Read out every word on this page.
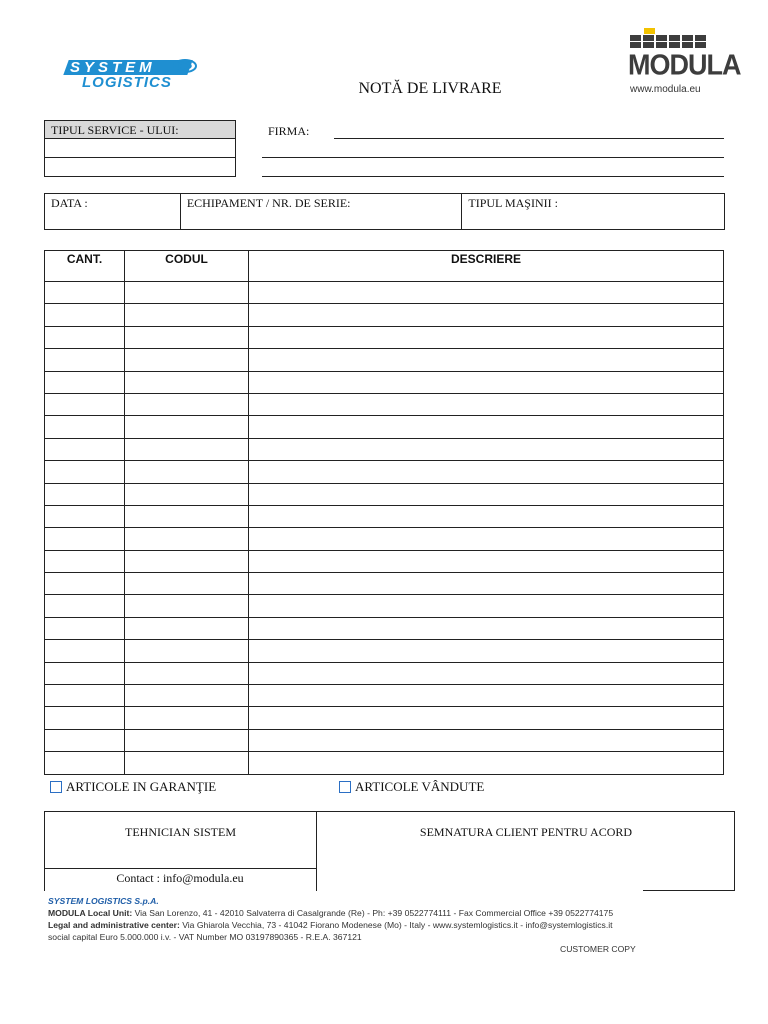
SYSTEM
LOGISTICS
MODULA
www.modula.eu
NOTĂ DE LIVRARE
TIPUL SERVICE - ULUI:	FIRMA:
DATA :	ECHIPAMENT / NR. DE SERIE:	TIPUL MAŞINII :
CANT.	CODUL	DESCRIERE

ARTICOLE IN GARANŢIE	ARTICOLE VÂNDUTE
TEHNICIAN SISTEM	SEMNATURA CLIENT PENTRU ACORD
Contact : info@modula.eu
SYSTEM LOGISTICS S.p.A.
MODULA Local Unit: Via San Lorenzo, 41 - 42010 Salvaterra di Casalgrande (Re) - Ph: +39 0522774111 - Fax Commercial Office +39 0522774175
Legal and administrative center: Via Ghiarola Vecchia, 73 - 41042 Fiorano Modenese (Mo) - Italy - www.systemlogistics.it - info@systemlogistics.it
social capital Euro 5.000.000 i.v. - VAT Number MO 03197890365 - R.E.A. 367121
CUSTOMER COPY
